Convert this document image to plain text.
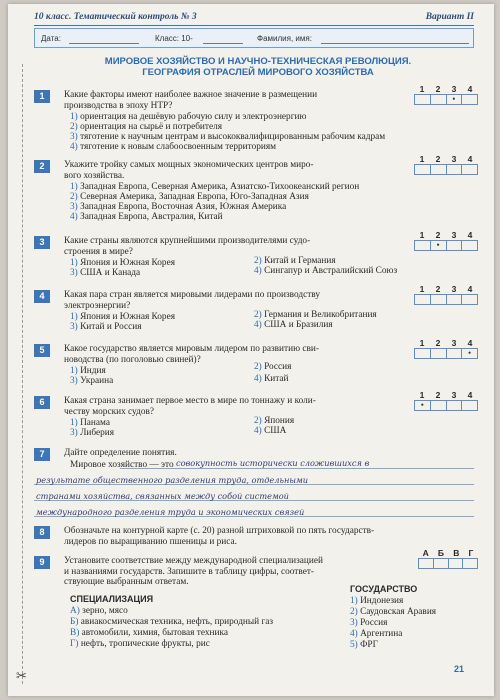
10 класс. Тематический контроль № 3	Вариант II
Дата:	Класс: 10-	Фамилия, имя:
МИРОВОЕ ХОЗЯЙСТВО И НАУЧНО-ТЕХНИЧЕСКАЯ РЕВОЛЮЦИЯ.
ГЕОГРАФИЯ ОТРАСЛЕЙ МИРОВОГО ХОЗЯЙСТВА
1	Какие факторы имеют наиболее важное значение в размещении
производства в эпоху НТР?
1 2 3 4
•
1) ориентация на дешёвую рабочую силу и электроэнергию
2) ориентация на сырьё и потребителя
3) тяготение к научным центрам и высококвалифицированным рабочим кадрам
4) тяготение к новым слабоосвоенным территориям
2	Укажите тройку самых мощных экономических центров миро-
вого хозяйства.
1 2 3 4
1) Западная Европа, Северная Америка, Азиатско-Тихоокеанский регион
2) Северная Америка, Западная Европа, Юго-Западная Азия
3) Западная Европа, Восточная Азия, Южная Америка
4) Западная Европа, Австралия, Китай
3	Какие страны являются крупнейшими производителями судо-
строения в мире?
1 2 3 4
•
1) Япония и Южная Корея	2) Китай и Германия
3) США и Канада	4) Сингапур и Австралийский Союз
4	Какая пара стран является мировыми лидерами по производству
электроэнергии?
1 2 3 4
1) Япония и Южная Корея	2) Германия и Великобритания
3) Китай и Россия	4) США и Бразилия
5	Какое государство является мировым лидером по развитию сви-
новодства (по поголовью свиней)?
1 2 3 4
•
1) Индия	2) Россия
3) Украина	4) Китай
6	Какая страна занимает первое место в мире по тоннажу и коли-
честву морских судов?
1 2 3 4
•
1) Панама	2) Япония
3) Либерия	4) США
7	Дайте определение понятия.
Мировое хозяйство — это совокупность исторически сложившихся в
результате общественного разделения труда, отдельными
странами хозяйства, связанных между собой системой
международного разделения труда и экономических связей
8	Обозначьте на контурной карте (с. 20) разной штриховкой по пять государств-
лидеров по выращиванию пшеницы и риса.
9	Установите соответствие между международной специализацией
и названиями государств. Запишите в таблицу цифры, соответ-
ствующие выбранным ответам.
А Б В Г
СПЕЦИАЛИЗАЦИЯ
А) зерно, мясо
Б) авиакосмическая техника, нефть, природный газ
В) автомобили, химия, бытовая техника
Г) нефть, тропические фрукты, рис
ГОСУДАРСТВО
1) Индонезия
2) Саудовская Аравия
3) Россия
4) Аргентина
5) ФРГ
✂	21
